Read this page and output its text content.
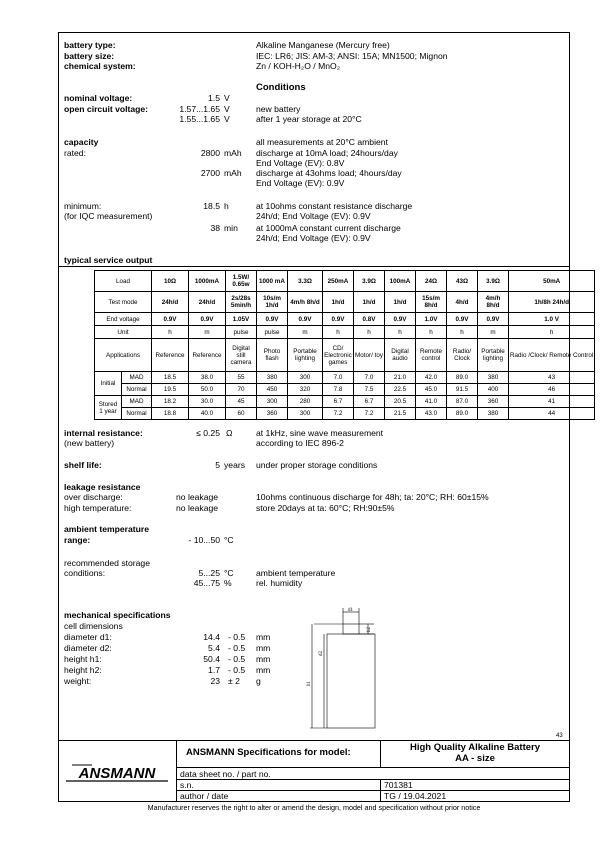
battery type:	Alkaline Manganese (Mercury free)
battery size:	IEC: LR6; JIS: AM-3; ANSI: 15A; MN1500; Mignon
chemical system:	Zn / KOH-H₂O / MnO₂
Conditions
nominal voltage:	1.5 V
open circuit voltage:	1.57...1.65 V	new battery
1.55...1.65 V	after 1 year storage at 20°C
capacity	all measurements at 20°C ambient
rated:	2800 mAh discharge at 10mA load; 24hours/day
End Voltage (EV): 0.8V
2700 mAh discharge at 43ohms load; 4hours/day
End Voltage (EV): 0.9V
minimum:
(for IQC measurement)
18.5 h	at 10ohms constant resistance discharge
24h/d; End Voltage (EV): 0.9V
38 min at 1000mA constant current discharge
24h/d; End Voltage (EV): 0.9V
typical service output
Load		10Ω	1000mA	1.5W/ 0.65w	1000 mA	3.3Ω	250mA	3.9Ω	100mA	24Ω	43Ω	3.9Ω	50mA
Test mode		24h/d	24h/d	2s/28s 5min/h	10s/m 1h/d	4m/h 8h/d	1h/d	1h/d	1h/d	15s/m 8h/d	4h/d	4m/h 8h/d	1h/8h 24h/d
End voltage		0.9V	0.9V	1.05V	0.9V	0.9V	0.9V	0.8V	0.9V	1.0V	0.9V	0.9V	1.0 V
Unit		h	m	pulse	pulse	m	h	h	h	h	h	m	h
Applications		Reference	Reference	Digital still camera	Photo flash	Portable lighting	CD/ Electronic games	Motor/ toy	Digital audio	Remote control	Radio/ Clock	Portable lighting	Radio /Clock/ Remote Control

Initial	MAD	18.5	38.0	55	380	300	7.0	7.0	21.0	42.0	89.0	380	43
	Normal	19.5	50.0	70	450	320	7.8	7.5	22.5	45.0	91.5	400	46

Stored
1 year	MAD	18.2	30.0	45	300	280	6.7	6.7	20.5	41.0	87.0	360	41
	Normal	18.8	40.0	60	360	300	7.2	7.2	21.5	43.0	89.0	380	44
internal resistance:
(new battery)
≤ 0.25 Ω	at 1kHz, sine wave measurement
according to IEC 896-2
shelf life:	5 years under proper storage conditions
leakage resistance
over discharge:	no leakage	10ohms continuous discharge for 48h; ta: 20°C; RH: 60±15%
high temperature:	no leakage	store 20days at ta: 60°C; RH:90±5%
ambient temperature
range:	- 10...50 °C
recommended storage
conditions:	5...25 °C	ambient temperature
45...75 %	rel. humidity
mechanical specifications
cell dimensions
diameter d1:	14.4 - 0.5 mm
diameter d2:	5.4 - 0.5 mm
height h1:	50.4 - 0.5 mm
height h2:	1.7 - 0.5 mm
weight:	23 ± 2 g
d1
h2
d2
h1
43
ANSMANN
ANSMANN Specifications for model:	High Quality Alkaline Battery
AA - size
data sheet no. / part no.
s.n.	701381
author / date	TG / 19.04.2021
Manufacturer reserves the right to alter or amend the design, model and specification without prior notice
